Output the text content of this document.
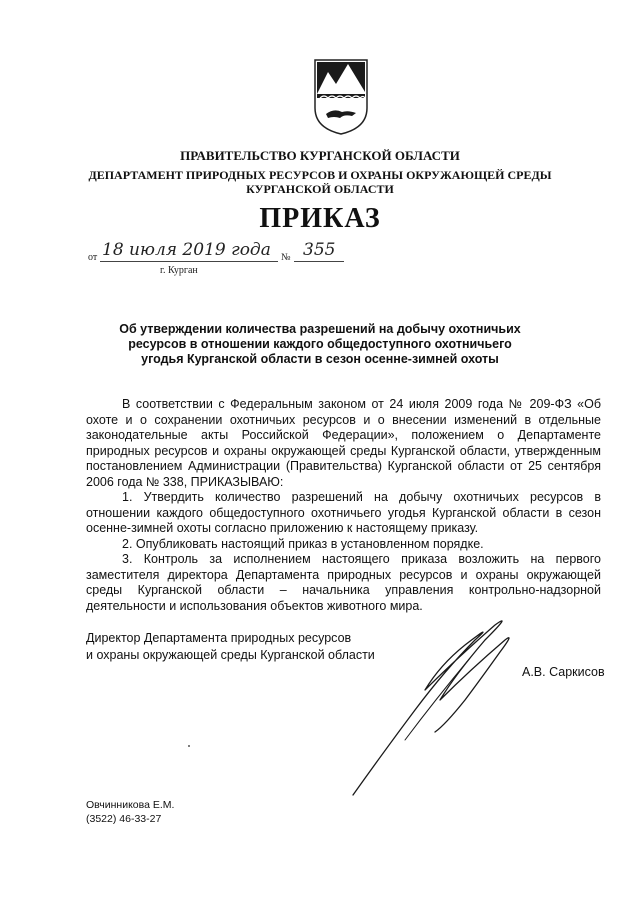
ПРАВИТЕЛЬСТВО КУРГАНСКОЙ ОБЛАСТИ
ДЕПАРТАМЕНТ ПРИРОДНЫХ РЕСУРСОВ И ОХРАНЫ ОКРУЖАЮЩЕЙ СРЕДЫ
КУРГАНСКОЙ ОБЛАСТИ
ПРИКАЗ
от 18 июля 2019 года № 355
г. Курган
Об утверждении количества разрешений на добычу охотничьих
ресурсов в отношении каждого общедоступного охотничьего
угодья Курганской области в сезон осенне-зимней охоты

В соответствии с Федеральным законом от 24 июля 2009 года № 209-ФЗ «Об охоте и о сохранении охотничьих ресурсов и о внесении изменений в отдельные законодательные акты Российской Федерации», положением о Департаменте природных ресурсов и охраны окружающей среды Курганской области, утвержденным постановлением Администрации (Правительства) Курганской области от 25 сентября 2006 года № 338, ПРИКАЗЫВАЮ:

1. Утвердить количество разрешений на добычу охотничьих ресурсов в отношении каждого общедоступного охотничьего угодья Курганской области в сезон осенне-зимней охоты согласно приложению к настоящему приказу.

2. Опубликовать настоящий приказ в установленном порядке.

3. Контроль за исполнением настоящего приказа возложить на первого заместителя директора Департамента природных ресурсов и охраны окружающей среды Курганской области – начальника управления контрольно-надзорной деятельности и использования объектов животного мира.

Директор Департамента природных ресурсов
и охраны окружающей среды Курганской области
А.В. Саркисов
Овчинникова Е.М.
(3522) 46-33-27
